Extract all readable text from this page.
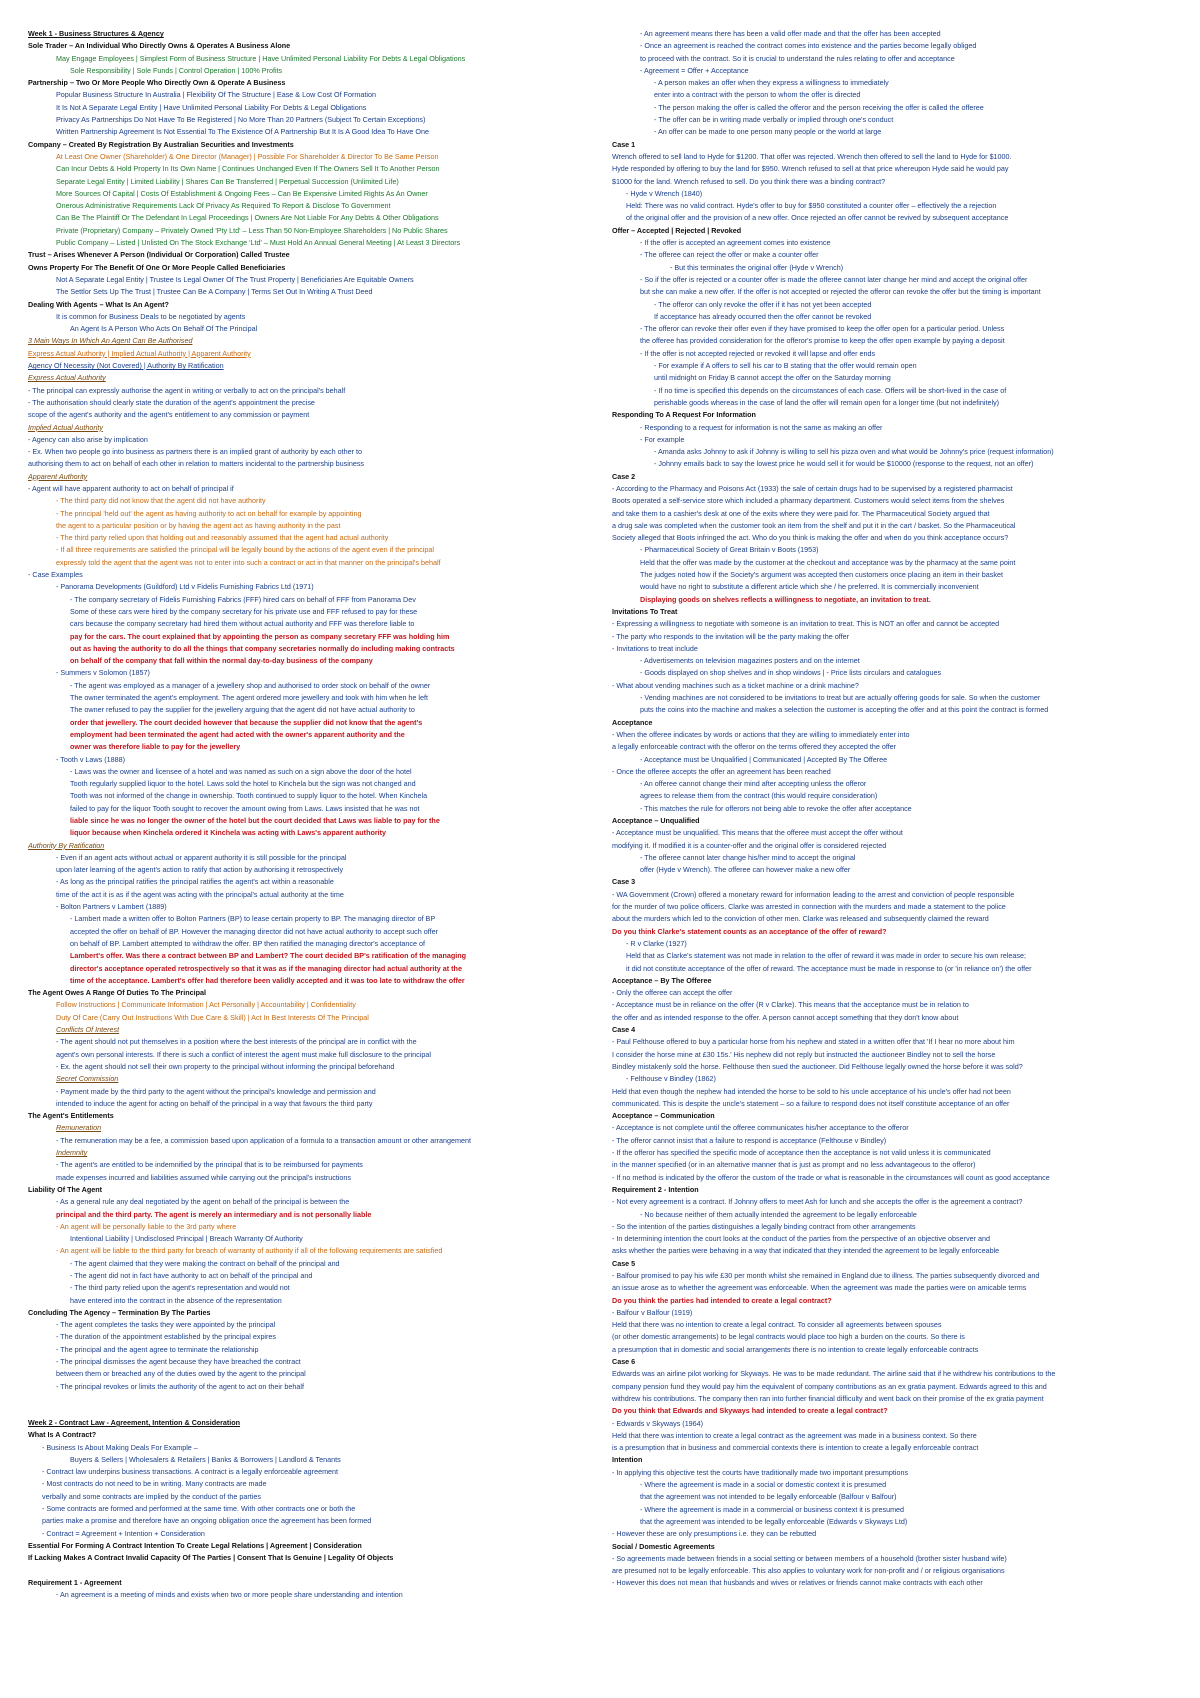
Week 1 - Business Structures & Agency
Sole Trader – An Individual Who Directly Owns & Operates A Business Alone
May Engage Employees | Simplest Form of Business Structure | Have Unlimited Personal Liability For Debts & Legal Obligations
Sole Responsibility | Sole Funds | Control Operation | 100% Profits
Partnership – Two Or More People Who Directly Own & Operate A Business
Popular Business Structure In Australia | Flexibility Of The Structure | Ease & Low Cost Of Formation
It Is Not A Separate Legal Entity | Have Unlimited Personal Liability For Debts & Legal Obligations
Privacy As Partnerships Do Not Have To Be Registered | No More Than 20 Partners (Subject To Certain Exceptions)
Written Partnership Agreement Is Not Essential To The Existence Of A Partnership But It Is A Good Idea To Have One
Company – Created By Registration By Australian Securities and Investments
At Least One Owner (Shareholder) & One Director (Manager) | Possible For Shareholder & Director To Be Same Person
Can Incur Debts & Hold Property In Its Own Name | Continues Unchanged Even If The Owners Sell It To Another Person
Separate Legal Entity | Limited Liability | Shares Can Be Transferred | Perpetual Succession (Unlimited Life)
More Sources Of Capital | Costs Of Establishment & Ongoing Fees – Can Be Expensive Limited Rights As An Owner
Onerous Administrative Requirements Lack Of Privacy As Required To Report & Disclose To Government
Can Be The Plaintiff Or The Defendant In Legal Proceedings | Owners Are Not Liable For Any Debts & Other Obligations
Private (Proprietary) Company – Privately Owned 'Pty Ltd' – Less Than 50 Non-Employee Shareholders | No Public Shares
Public Company – Listed | Unlisted On The Stock Exchange 'Ltd' – Must Hold An Annual General Meeting | At Least 3 Directors
Trust – Arises Whenever A Person (Individual Or Corporation) Called Trustee
Owns Property For The Benefit Of One Or More People Called Beneficiaries
Not A Separate Legal Entity | Trustee Is Legal Owner Of The Trust Property | Beneficiaries Are Equitable Owners
The Settlor Sets Up The Trust | Trustee Can Be A Company | Terms Set Out In Writing A Trust Deed
Dealing With Agents – What Is An Agent?
It is common for Business Deals to be negotiated by agents
An Agent Is A Person Who Acts On Behalf Of The Principal
3 Main Ways In Which An Agent Can Be Authorised
Express Actual Authority | Implied Actual Authority | Apparent Authority
Agency Of Necessity (Not Covered) | Authority By Ratification
Express Actual Authority
- The principal can expressly authorise the agent in writing or verbally to act on the principal's behalf
- The authorisation should clearly state the duration of the agent's appointment the precise
scope of the agent's authority and the agent's entitlement to any commission or payment
Implied Actual Authority
- Agency can also arise by implication
- Ex. When two people go into business as partners there is an implied grant of authority by each other to
authorising them to act on behalf of each other in relation to matters incidental to the partnership business
Apparent Authority
- Agent will have apparent authority to act on behalf of principal if
- The third party did not know that the agent did not have authority
- The principal 'held out' the agent as having authority to act on behalf for example by appointing
the agent to a particular position or by having the agent act as having authority in the past
- The third party relied upon that holding out and reasonably assumed that the agent had actual authority
- If all three requirements are satisfied the principal will be legally bound by the actions of the agent even if the principal
expressly told the agent that the agent was not to enter into such a contract or act in that manner on the principal's behalf
- Case Examples
- Panorama Developments (Guildford) Ltd v Fidelis Furnishing Fabrics Ltd (1971)
- The company secretary of Fidelis Furnishing Fabrics (FFF) hired cars on behalf of FFF from Panorama Dev
Some of these cars were hired by the company secretary for his private use and FFF refused to pay for these
cars because the company secretary had hired them without actual authority and FFF was therefore liable to
pay for the cars. The court explained that by appointing the person as company secretary FFF was holding him
out as having the authority to do all the things that company secretaries normally do including making contracts
on behalf of the company that fall within the normal day-to-day business of the company
- Summers v Solomon (1857)
- The agent was employed as a manager of a jewellery shop and authorised to order stock on behalf of the owner
The owner terminated the agent's employment. The agent ordered more jewellery and took with him when he left
The owner refused to pay the supplier for the jewellery arguing that the agent did not have actual authority to
order that jewellery. The court decided however that because the supplier did not know that the agent's
employment had been terminated the agent had acted with the owner's apparent authority and the
owner was therefore liable to pay for the jewellery
- Tooth v Laws (1888)
- Laws was the owner and licensee of a hotel and was named as such on a sign above the door of the hotel
Tooth regularly supplied liquor to the hotel. Laws sold the hotel to Kinchela but the sign was not changed and
Tooth was not informed of the change in ownership. Tooth continued to supply liquor to the hotel. When Kinchela
failed to pay for the liquor Tooth sought to recover the amount owing from Laws. Laws insisted that he was not
liable since he was no longer the owner of the hotel but the court decided that Laws was liable to pay for the
liquor because when Kinchela ordered it Kinchela was acting with Laws's apparent authority
Authority By Ratification
- Even if an agent acts without actual or apparent authority it is still possible for the principal
upon later learning of the agent's action to ratify that action by authorising it retrospectively
- As long as the principal ratifies the principal ratifies the agent's act within a reasonable
time of the act it is as if the agent was acting with the principal's actual authority at the time
- Bolton Partners v Lambert (1889)
- Lambert made a written offer to Bolton Partners (BP) to lease certain property to BP. The managing director of BP
accepted the offer on behalf of BP. However the managing director did not have actual authority to accept such offer
on behalf of BP. Lambert attempted to withdraw the offer. BP then ratified the managing director's acceptance of
Lambert's offer. Was there a contract between BP and Lambert? The court decided BP's ratification of the managing
director's acceptance operated retrospectively so that it was as if the managing director had actual authority at the
time of the acceptance. Lambert's offer had therefore been validly accepted and it was too late to withdraw the offer
The Agent Owes A Range Of Duties To The Principal
Follow Instructions | Communicate Information | Act Personally | Accountability | Confidentiality
Duty Of Care (Carry Out Instructions With Due Care & Skill) | Act In Best Interests Of The Principal
Conflicts Of Interest
- The agent should not put themselves in a position where the best interests of the principal are in conflict with the
agent's own personal interests. If there is such a conflict of interest the agent must make full disclosure to the principal
- Ex. the agent should not sell their own property to the principal without informing the principal beforehand
Secret Commission
- Payment made by the third party to the agent without the principal's knowledge and permission and
intended to induce the agent for acting on behalf of the principal in a way that favours the third party
The Agent's Entitlements
Remuneration
- The remuneration may be a fee, a commission based upon application of a formula to a transaction amount or other arrangement
Indemnity
- The agent's are entitled to be indemnified by the principal that is to be reimbursed for payments
made expenses incurred and liabilities assumed while carrying out the principal's instructions
Liability Of The Agent
- As a general rule any deal negotiated by the agent on behalf of the principal is between the
principal and the third party. The agent is merely an intermediary and is not personally liable
- An agent will be personally liable to the 3rd party where
Intentional Liability | Undisclosed Principal | Breach Warranty Of Authority
- An agent will be liable to the third party for breach of warranty of authority if all of the following requirements are satisfied
- The agent claimed that they were making the contract on behalf of the principal and
- The agent did not in fact have authority to act on behalf of the principal and
- The third party relied upon the agent's representation and would not
have entered into the contract in the absence of the representation
Concluding The Agency – Termination By The Parties
- The agent completes the tasks they were appointed by the principal
- The duration of the appointment established by the principal expires
- The principal and the agent agree to terminate the relationship
- The principal dismisses the agent because they have breached the contract
between them or breached any of the duties owed by the agent to the principal
- The principal revokes or limits the authority of the agent to act on their behalf
Week 2 - Contract Law - Agreement, Intention & Consideration
What Is A Contract?
- Business Is About Making Deals For Example –
Buyers & Sellers | Wholesalers & Retailers | Banks & Borrowers | Landlord & Tenants
- Contract law underpins business transactions. A contract is a legally enforceable agreement
- Most contracts do not need to be in writing. Many contracts are made
verbally and some contracts are implied by the conduct of the parties
- Some contracts are formed and performed at the same time. With other contracts one or both the
parties make a promise and therefore have an ongoing obligation once the agreement has been formed
- Contract = Agreement + Intention + Consideration
Essential For Forming A Contract Intention To Create Legal Relations | Agreement | Consideration
If Lacking Makes A Contract Invalid Capacity Of The Parties | Consent That Is Genuine | Legality Of Objects
Requirement 1 - Agreement
- An agreement is a meeting of minds and exists when two or more people share understanding and intention
- An agreement means there has been a valid offer made and that the offer has been accepted
- Once an agreement is reached the contract comes into existence and the parties become legally obliged
to proceed with the contract. So it is crucial to understand the rules relating to offer and acceptance
- Agreement = Offer + Acceptance
- A person makes an offer when they express a willingness to immediately
enter into a contract with the person to whom the offer is directed
- The person making the offer is called the offeror and the person receiving the offer is called the offeree
- The offer can be in writing made verbally or implied through one's conduct
- An offer can be made to one person many people or the world at large
Case 1
Wrench offered to sell land to Hyde for $1200. That offer was rejected. Wrench then offered to sell the land to Hyde for $1000.
Hyde responded by offering to buy the land for $950. Wrench refused to sell at that price whereupon Hyde said he would pay
$1000 for the land. Wrench refused to sell. Do you think there was a binding contract?
- Hyde v Wrench (1840)
Held: There was no valid contract. Hyde's offer to buy for $950 constituted a counter offer – effectively the a rejection
of the original offer and the provision of a new offer. Once rejected an offer cannot be revived by subsequent acceptance
Offer – Accepted | Rejected | Revoked
- If the offer is accepted an agreement comes into existence
- The offeree can reject the offer or make a counter offer
- But this terminates the original offer (Hyde v Wrench)
- So if the offer is rejected or a counter offer is made the offeree cannot later change her mind and accept the original offer
but she can make a new offer. If the offer is not accepted or rejected the offeror can revoke the offer but the timing is important
- The offeror can only revoke the offer if it has not yet been accepted
If acceptance has already occurred then the offer cannot be revoked
- The offeror can revoke their offer even if they have promised to keep the offer open for a particular period. Unless
the offeree has provided consideration for the offeror's promise to keep the offer open example by paying a deposit
- If the offer is not accepted rejected or revoked it will lapse and offer ends
- For example if A offers to sell his car to B stating that the offer would remain open
until midnight on Friday B cannot accept the offer on the Saturday morning
- If no time is specified this depends on the circumstances of each case. Offers will be short-lived in the case of
perishable goods whereas in the case of land the offer will remain open for a longer time (but not indefinitely)
Responding To A Request For Information
- Responding to a request for information is not the same as making an offer
- For example
- Amanda asks Johnny to ask if Johnny is willing to sell his pizza oven and what would be Johnny's price (request information)
- Johnny emails back to say the lowest price he would sell it for would be $10000 (response to the request, not an offer)
Case 2
- According to the Pharmacy and Poisons Act (1933) the sale of certain drugs had to be supervised by a registered pharmacist
Boots operated a self-service store which included a pharmacy department. Customers would select items from the shelves
and take them to a cashier's desk at one of the exits where they were paid for. The Pharmaceutical Society argued that
a drug sale was completed when the customer took an item from the shelf and put it in the cart / basket. So the Pharmaceutical
Society alleged that Boots infringed the act. Who do you think is making the offer and when do you think acceptance occurs?
- Pharmaceutical Society of Great Britain v Boots (1953)
Held that the offer was made by the customer at the checkout and acceptance was by the pharmacy at the same point
The judges noted how if the Society's argument was accepted then customers once placing an item in their basket
would have no right to substitute a different article which she / he preferred. It is commercially inconvenient
Displaying goods on shelves reflects a willingness to negotiate, an invitation to treat.
Invitations To Treat
- Expressing a willingness to negotiate with someone is an invitation to treat. This is NOT an offer and cannot be accepted
- The party who responds to the invitation will be the party making the offer
- Invitations to treat include
- Advertisements on television magazines posters and on the internet
- Goods displayed on shop shelves and in shop windows | - Price lists circulars and catalogues
- What about vending machines such as a ticket machine or a drink machine?
- Vending machines are not considered to be invitations to treat but are actually offering goods for sale. So when the customer
puts the coins into the machine and makes a selection the customer is accepting the offer and at this point the contract is formed
Acceptance
- When the offeree indicates by words or actions that they are willing to immediately enter into
a legally enforceable contract with the offeror on the terms offered they accepted the offer
- Acceptance must be Unqualified | Communicated | Accepted By The Offeree
- Once the offeree accepts the offer an agreement has been reached
- An offeree cannot change their mind after accepting unless the offeror
agrees to release them from the contract (this would require consideration)
- This matches the rule for offerors not being able to revoke the offer after acceptance
Acceptance – Unqualified
- Acceptance must be unqualified. This means that the offeree must accept the offer without
modifying it. If modified it is a counter-offer and the original offer is considered rejected
- The offeree cannot later change his/her mind to accept the original
offer (Hyde v Wrench). The offeree can however make a new offer
Case 3
- WA Government (Crown) offered a monetary reward for information leading to the arrest and conviction of people responsible
for the murder of two police officers. Clarke was arrested in connection with the murders and made a statement to the police
about the murders which led to the conviction of other men. Clarke was released and subsequently claimed the reward
Do you think Clarke's statement counts as an acceptance of the offer of reward?
- R v Clarke (1927)
Held that as Clarke's statement was not made in relation to the offer of reward it was made in order to secure his own release;
it did not constitute acceptance of the offer of reward. The acceptance must be made in response to (or 'in reliance on') the offer
Acceptance – By The Offeree
- Only the offeree can accept the offer
- Acceptance must be in reliance on the offer (R v Clarke). This means that the acceptance must be in relation to
the offer and as intended response to the offer. A person cannot accept something that they don't know about
Case 4
- Paul Felthouse offered to buy a particular horse from his nephew and stated in a written offer that 'If I hear no more about him
I consider the horse mine at £30 15s.' His nephew did not reply but instructed the auctioneer Bindley not to sell the horse
Bindley mistakenly sold the horse. Felthouse then sued the auctioneer. Did Felthouse legally owned the horse before it was sold?
- Felthouse v Bindley (1862)
Held that even though the nephew had intended the horse to be sold to his uncle acceptance of his uncle's offer had not been
communicated. This is despite the uncle's statement – so a failure to respond does not itself constitute acceptance of an offer
Acceptance – Communication
- Acceptance is not complete until the offeree communicates his/her acceptance to the offeror
- The offeror cannot insist that a failure to respond is acceptance (Felthouse v Bindley)
- If the offeror has specified the specific mode of acceptance then the acceptance is not valid unless it is communicated
in the manner specified (or in an alternative manner that is just as prompt and no less advantageous to the offeror)
- If no method is indicated by the offeror the custom of the trade or what is reasonable in the circumstances will count as good acceptance
Requirement 2 - Intention
- Not every agreement is a contract. If Johnny offers to meet Ash for lunch and she accepts the offer is the agreement a contract?
- No because neither of them actually intended the agreement to be legally enforceable
- So the intention of the parties distinguishes a legally binding contract from other arrangements
- In determining intention the court looks at the conduct of the parties from the perspective of an objective observer and
asks whether the parties were behaving in a way that indicated that they intended the agreement to be legally enforceable
Case 5
- Balfour promised to pay his wife £30 per month whilst she remained in England due to illness. The parties subsequently divorced and
an issue arose as to whether the agreement was enforceable. When the agreement was made the parties were on amicable terms
Do you think the parties had intended to create a legal contract?
- Balfour v Balfour (1919)
Held that there was no intention to create a legal contract. To consider all agreements between spouses
(or other domestic arrangements) to be legal contracts would place too high a burden on the courts. So there is
a presumption that in domestic and social arrangements there is no intention to create legally enforceable contracts
Case 6
Edwards was an airline pilot working for Skyways. He was to be made redundant. The airline said that if he withdrew his contributions to the
company pension fund they would pay him the equivalent of company contributions as an ex gratia payment. Edwards agreed to this and
withdrew his contributions. The company then ran into further financial difficulty and went back on their promise of the ex gratia payment
Do you think that Edwards and Skyways had intended to create a legal contract?
- Edwards v Skyways (1964)
Held that there was intention to create a legal contract as the agreement was made in a business context. So there
is a presumption that in business and commercial contexts there is intention to create a legally enforceable contract
Intention
- In applying this objective test the courts have traditionally made two important presumptions
- Where the agreement is made in a social or domestic context it is presumed
that the agreement was not intended to be legally enforceable (Balfour v Balfour)
- Where the agreement is made in a commercial or business context it is presumed
that the agreement was intended to be legally enforceable (Edwards v Skyways Ltd)
- However these are only presumptions i.e. they can be rebutted
Social / Domestic Agreements
- So agreements made between friends in a social setting or between members of a household (brother sister husband wife)
are presumed not to be legally enforceable. This also applies to voluntary work for non-profit and / or religious organisations
- However this does not mean that husbands and wives or relatives or friends cannot make contracts with each other
